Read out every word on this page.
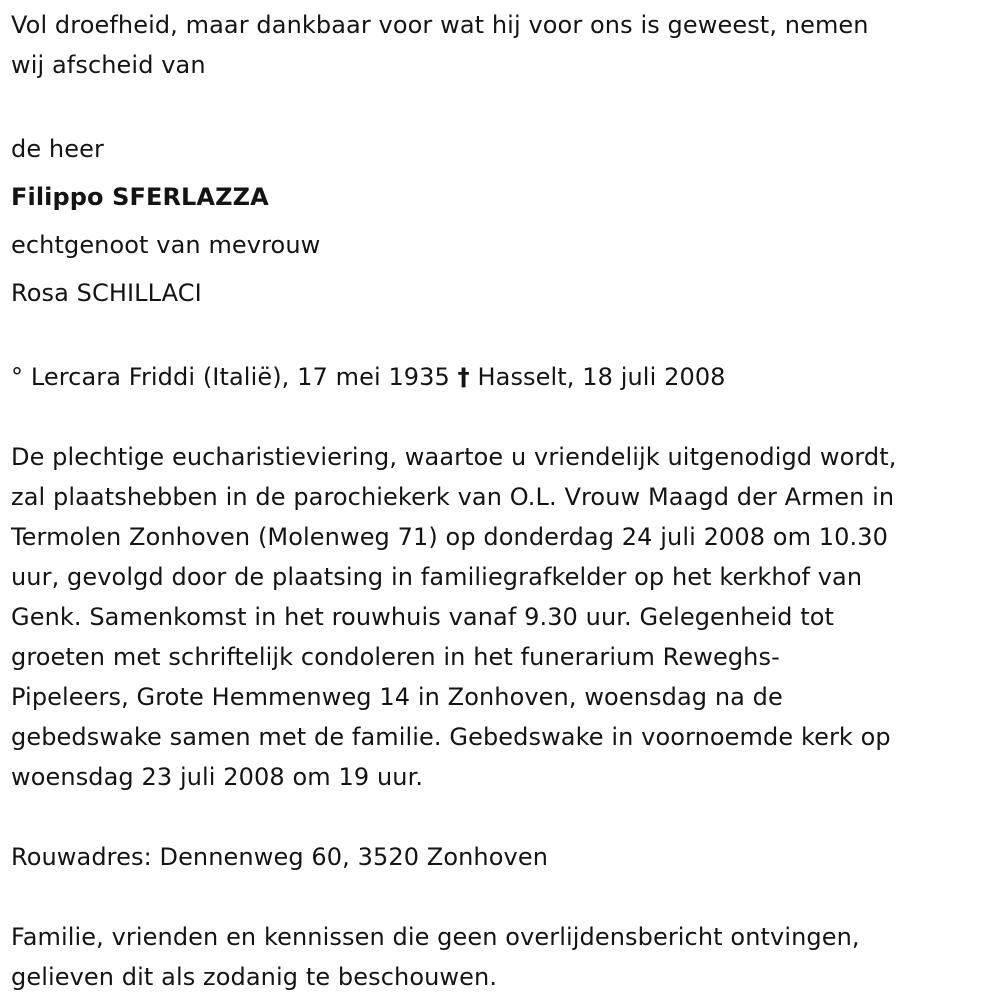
Vol droefheid, maar dankbaar voor wat hij voor ons is geweest, nemen
wij afscheid van
de heer
Filippo SFERLAZZA
echtgenoot van mevrouw
Rosa SCHILLACI
° Lercara Friddi (Italië), 17 mei 1935 † Hasselt, 18 juli 2008
De plechtige eucharistieviering, waartoe u vriendelijk uitgenodigd wordt,
zal plaatshebben in de parochiekerk van O.L. Vrouw Maagd der Armen in
Termolen Zonhoven (Molenweg 71) op donderdag 24 juli 2008 om 10.30
uur, gevolgd door de plaatsing in familiegrafkelder op het kerkhof van
Genk. Samenkomst in het rouwhuis vanaf 9.30 uur. Gelegenheid tot
groeten met schriftelijk condoleren in het funerarium Reweghs-
Pipeleers, Grote Hemmenweg 14 in Zonhoven, woensdag na de
gebedswake samen met de familie. Gebedswake in voornoemde kerk op
woensdag 23 juli 2008 om 19 uur.
Rouwadres: Dennenweg 60, 3520 Zonhoven
Familie, vrienden en kennissen die geen overlijdensbericht ontvingen,
gelieven dit als zodanig te beschouwen.
